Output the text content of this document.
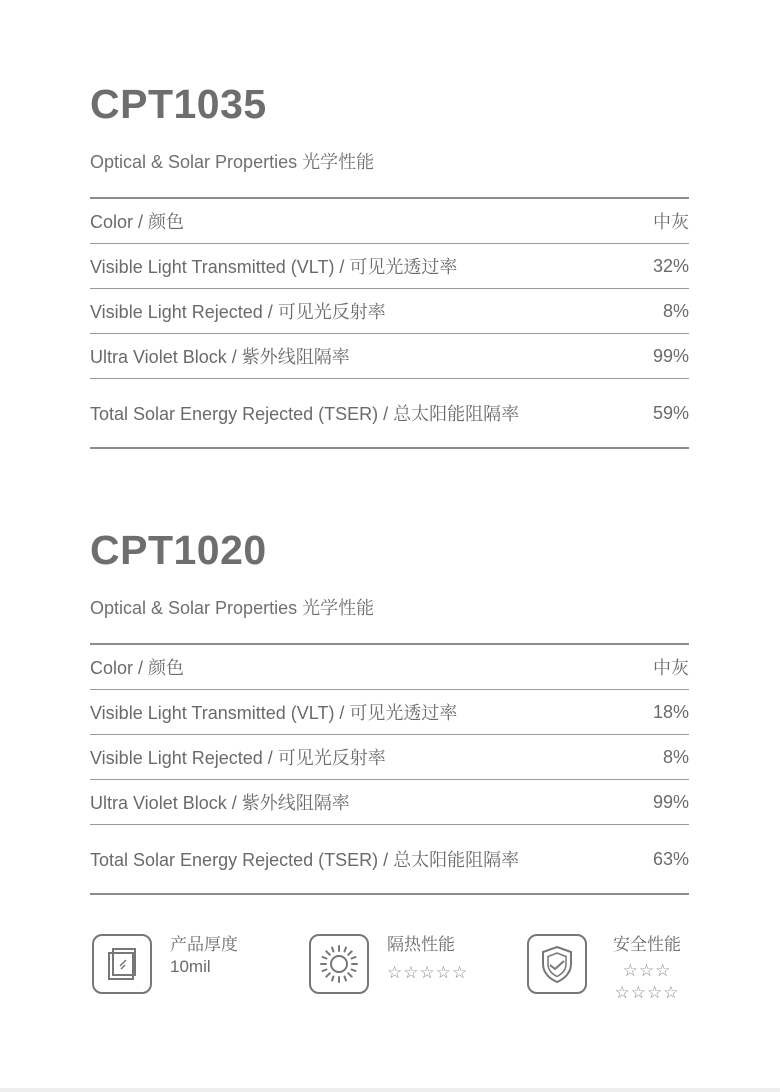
CPT1035
Optical & Solar Properties 光学性能
Color / 颜色	中灰
Visible Light Transmitted (VLT) / 可见光透过率	32%
Visible Light Rejected / 可见光反射率	8%
Ultra Violet Block / 紫外线阻隔率	99%
Total Solar Energy Rejected (TSER) / 总太阳能阻隔率	59%
CPT1020
Optical & Solar Properties 光学性能
Color / 颜色	中灰
Visible Light Transmitted (VLT) / 可见光透过率	18%
Visible Light Rejected / 可见光反射率	8%
Ultra Violet Block / 紫外线阻隔率	99%
Total Solar Energy Rejected (TSER) / 总太阳能阻隔率	63%
产品厚度
10mil
隔热性能
☆☆☆☆☆
安全性能
☆☆☆
☆☆☆☆
